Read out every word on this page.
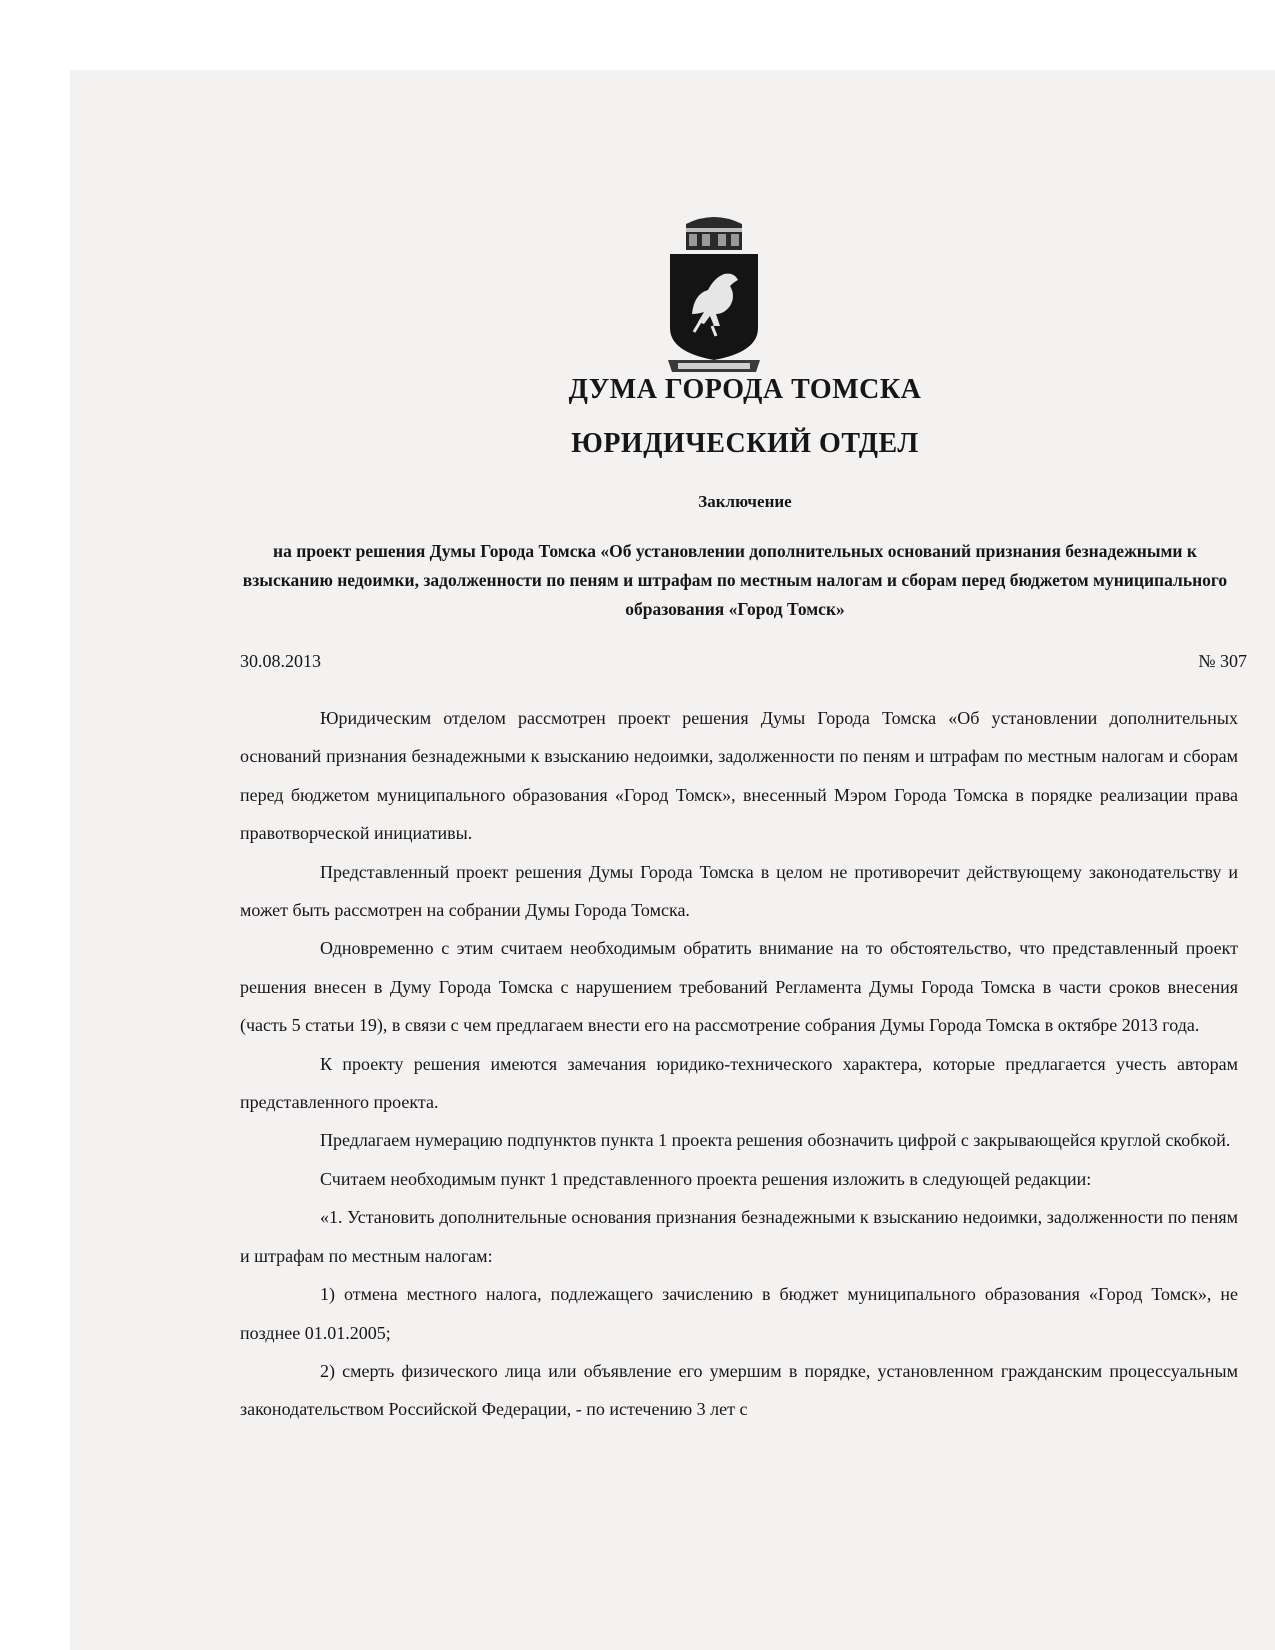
ДУМА ГОРОДА ТОМСКА
ЮРИДИЧЕСКИЙ ОТДЕЛ
Заключение
на проект решения Думы Города Томска «Об установлении дополнительных оснований признания безнадежными к взысканию недоимки, задолженности по пеням и штрафам по местным налогам и сборам перед бюджетом муниципального образования «Город Томск»
30.08.2013	№ 307

Юридическим отделом рассмотрен проект решения Думы Города Томска «Об установлении дополнительных оснований признания безнадежными к взысканию недоимки, задолженности по пеням и штрафам по местным налогам и сборам перед бюджетом муниципального образования «Город Томск», внесенный Мэром Города Томска в порядке реализации права правотворческой инициативы.

Представленный проект решения Думы Города Томска в целом не противоречит действующему законодательству и может быть рассмотрен на собрании Думы Города Томска.

Одновременно с этим считаем необходимым обратить внимание на то обстоятельство, что представленный проект решения внесен в Думу Города Томска с нарушением требований Регламента Думы Города Томска в части сроков внесения (часть 5 статьи 19), в связи с чем предлагаем внести его на рассмотрение собрания Думы Города Томска в октябре 2013 года.

К проекту решения имеются замечания юридико-технического характера, которые предлагается учесть авторам представленного проекта.

Предлагаем нумерацию подпунктов пункта 1 проекта решения обозначить цифрой с закрывающейся круглой скобкой.

Считаем необходимым пункт 1 представленного проекта решения изложить в следующей редакции:

«1. Установить дополнительные основания признания безнадежными к взысканию недоимки, задолженности по пеням и штрафам по местным налогам:

1) отмена местного налога, подлежащего зачислению в бюджет муниципального образования «Город Томск», не позднее 01.01.2005;

2) смерть физического лица или объявление его умершим в порядке, установленном гражданским процессуальным законодательством Российской Федерации, - по истечению 3 лет с
